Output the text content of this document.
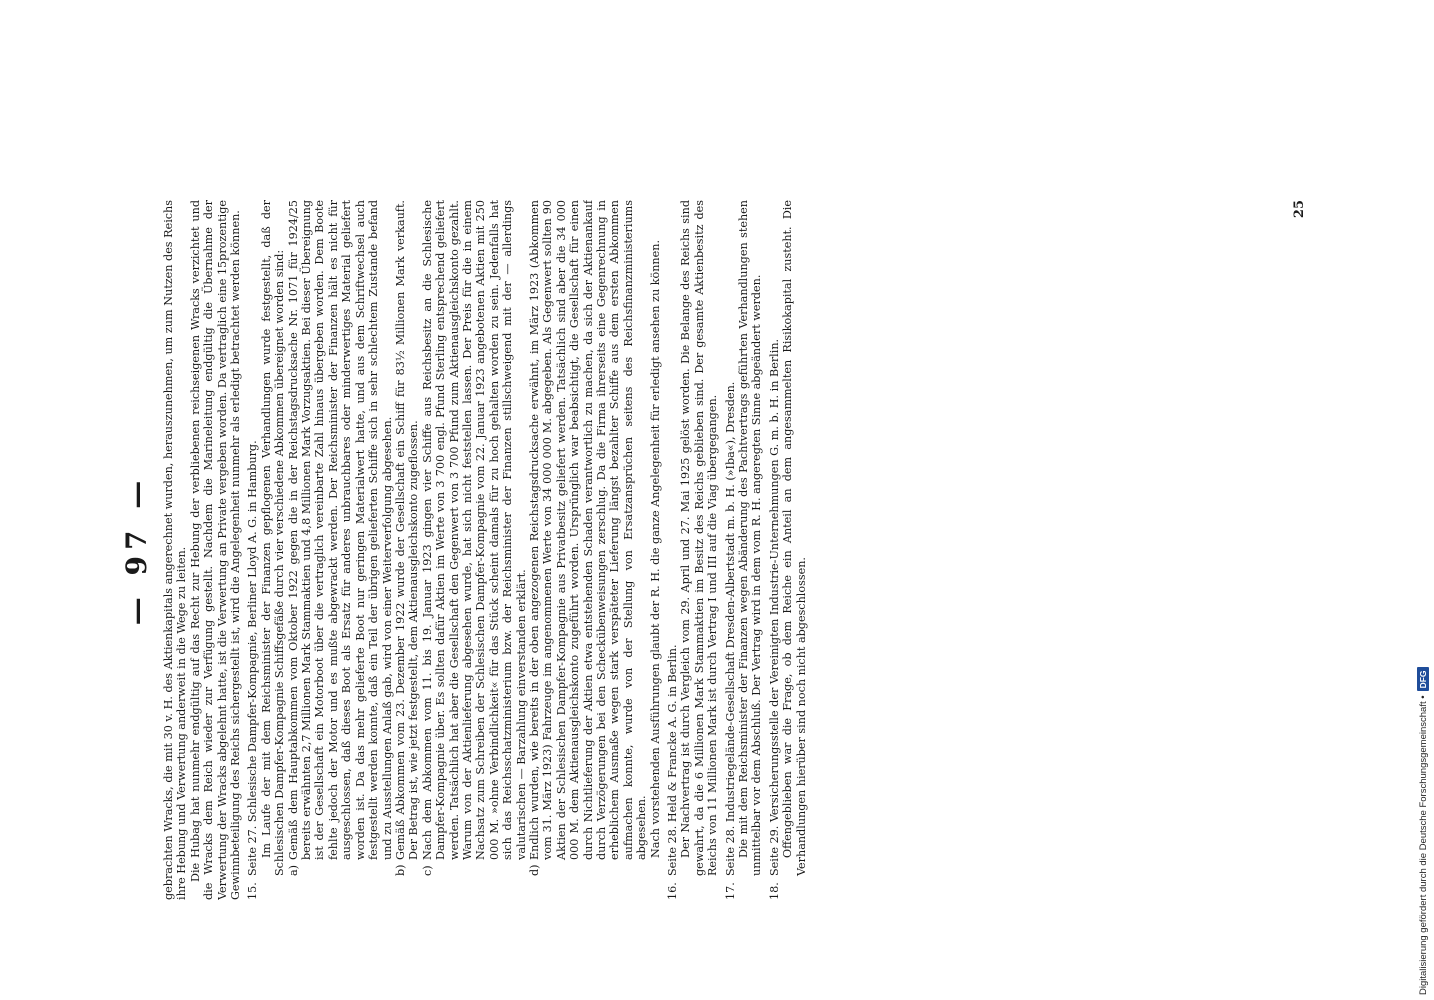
— 97 — gebrachten Wracks, die mit 30 v. H. des Aktienkapitals angerechnet wurden, herauszunehmen, um zum Nutzen des Reichs ihre Hebung und Verwertung anderweit in die Wege zu leiten. Die Hubag hat nunmehr endgültig auf das Recht zur Hebung der verbliebenen reichseigenen Wracks verzichtet und die Wracks dem Reich wieder zur Verfügung gestellt. Nachdem die Marineleitung endgültig die Übernahme der Verwertung der Wracks abgelehnt hatte, ist die Verwertung an Private vergeben worden. Da vertraglich eine 15prozentige Gewinnbeteiligung des Reichs sichergestellt ist, wird die Angelegenheit nunmehr als erledigt betrachtet werden können. 15.

Seite 27. Schlesische Dampfer-Kompagnie, Berliner Lloyd A. G. in Hamburg. Im Laufe der mit dem Reichsminister der Finanzen gepflogenen Verhandlungen wurde festgestellt, daß der Schlesischen Dampfer-Kompagnie Schiffsgefäße durch vier verschiedene Abkommen übereignet worden sind: a)
Gemäß dem Hauptabkommen vom Oktober 1922 gegen die in der Reichstagsdrucksache Nr. 1071 für 1924/25 bereits erwähnten 2,7 Millionen Mark Stammaktien und 4,8 Millionen Mark Vorzugsaktien. Bei dieser Übereignung ist der Gesellschaft ein Motorboot über die vertraglich vereinbarte Zahl hinaus übergeben worden. Dem Boote fehlte jedoch der Motor und es mußte abgewrackt werden. Der Reichsminister der Finanzen hält es nicht für ausgeschlossen, daß dieses Boot als Ersatz für anderes unbrauchbares oder minderwertiges Material geliefert worden ist. Da das mehr gelieferte Boot nur geringen Materialwert hatte, und aus dem Schriftwechsel auch festgestellt werden konnte, daß ein Teil der übrigen gelieferten Schiffe sich in sehr schlechtem Zustande befand und zu Ausstellungen Anlaß gab, wird von einer Weiterverfolgung abgesehen.
b)
Gemäß Abkommen vom 23. Dezember 1922 wurde der Gesellschaft ein Schiff für 83½ Millionen Mark verkauft. Der Betrag ist, wie jetzt festgestellt, dem Aktienausgleichskonto zugeflossen.
c)
Nach dem Abkommen vom 11. bis 19. Januar 1923 gingen vier Schiffe aus Reichsbesitz an die Schlesische Dampfer-Kompagnie über. Es sollten dafür Aktien im Werte von 3 700 engl. Pfund Sterling entsprechend geliefert werden. Tatsächlich hat aber die Gesellschaft den Gegenwert von 3 700 Pfund zum Aktienausgleichskonto gezahlt. Warum von der Aktienlieferung abgesehen wurde, hat sich nicht feststellen lassen. Der Preis für die in einem Nachsatz zum Schreiben der Schlesischen Dampfer-Kompagnie vom 22. Januar 1923 angebotenen Aktien mit 250 000 M. »ohne Verbindlichkeit« für das Stück scheint damals für zu hoch gehalten worden zu sein. Jedenfalls hat sich das Reichsschatzministerium bzw. der Reichsminister der Finanzen stillschweigend mit der — allerdings valutarischen — Barzahlung einverstanden erklärt.
d)
Endlich wurden, wie bereits in der oben angezogenen Reichstagsdrucksache erwähnt, im März 1923 (Abkommen vom 31. März 1923) Fahrzeuge im angenommenen Werte von 34 000 000 M. abgegeben. Als Gegenwert sollten 90 Aktien der Schlesischen Dampfer-Kompagnie aus Privatbesitz geliefert werden. Tatsächlich sind aber die 34 000 000 M. dem Aktienausgleichskonto zugeführt worden. Ursprünglich war beabsichtigt, die Gesellschaft für einen durch Nichtlieferung der Aktien etwa entstehenden Schaden verantwortlich zu machen, da sich der Aktienankauf durch Verzögerungen bei den Scheckübenweisungen zerschlug. Da die Firma ihrerseits eine Gegenrechnung in erheblichem Ausmaße wegen stark verspäteter Lieferung längst bezahlter Schiffe aus dem ersten Abkommen aufmachen konnte, wurde von der Stellung von Ersatzansprüchen seitens des Reichsfinanzministeriums abgesehen. Nach vorstehenden Ausführungen glaubt der R. H. die ganze Angelegenheit für erledigt ansehen zu können.

16.

Seite 28. Held & Francke A. G. in Berlin. Der Nachvertrag ist durch Vergleich vom 29. April und 27. Mai 1925 gelöst worden. Die Belange des Reichs sind gewahrt, da die 6 Millionen Mark Stammaktien im Besitz des Reichs geblieben sind. Der gesamte Aktienbesitz des Reichs von 11 Millionen Mark ist durch Vertrag I und III auf die Viag übergegangen.

17.

Seite 28. Industriegelände-Gesellschaft Dresden-Albertstadt m. b. H. (»Iba«), Dresden. Die mit dem Reichsminister der Finanzen wegen Abänderung des Pachtvertrags geführten Verhandlungen stehen unmittelbar vor dem Abschluß. Der Vertrag wird in dem vom R. H. angeregten Sinne abgeändert werden.

18.

Seite 29. Versicherungsstelle der Vereinigten Industrie-Unternehmungen G. m. b. H. in Berlin. Offengeblieben war die Frage, ob dem Reiche ein Anteil an dem angesammelten Risikokapital zusteht. Die Verhandlungen hierüber sind noch nicht abgeschlossen.

25
Digitalisierung gefördert durch die Deutsche Forschungsgemeinschaft •
DFG
